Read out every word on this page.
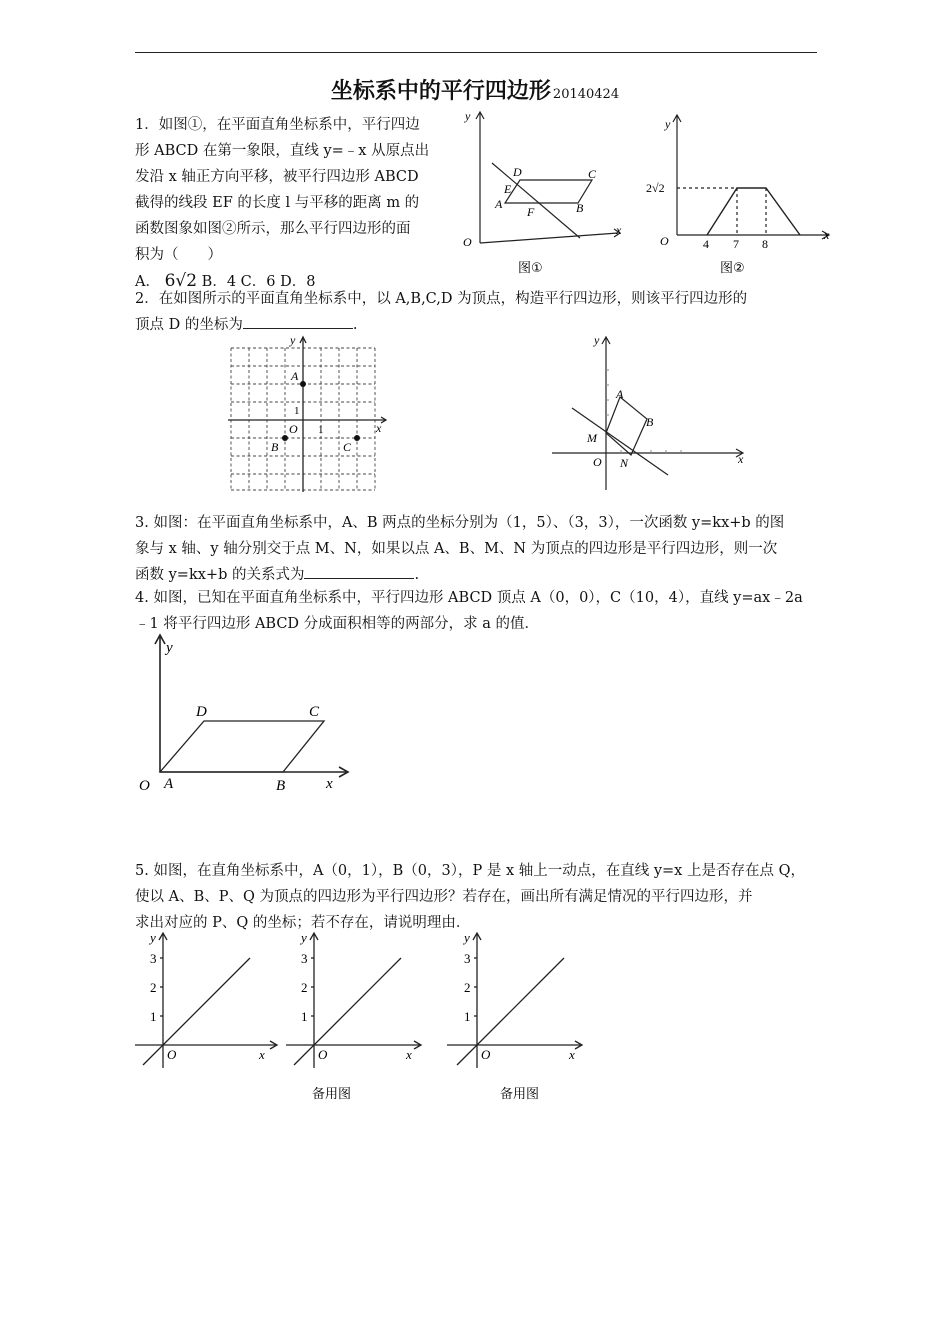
坐标系中的平行四边形 20140424

1．如图①，在平面直角坐标系中，平行四边
形 ABCD 在第一象限，直线 y=﹣x 从原点出
发沿 x 轴正方向平移，被平行四边形 ABCD
截得的线段 EF 的长度 l 与平移的距离 m 的
函数图象如图②所示，那么平行四边形的面
积为（　　）
A． 6√2 B．4 C．6 D．8

y
x
O
A	B
C
D
E
F
图①
y
x
O	4 7 8
2√2
图②

2．在如图所示的平面直角坐标系中，以 A,B,C,D 为顶点，构造平行四边形，则该平行四边形的
顶点 D 的坐标为	.

y
x
O
1
1
A
B	C
y
x
O
A
B
M
N

3. 如图：在平面直角坐标系中，A、B 两点的坐标分别为（1，5）、（3，3），一次函数 y=kx+b 的图
象与 x 轴、y 轴分别交于点 M、N，如果以点 A、B、M、N 为顶点的四边形是平行四边形，则一次
函数 y=kx+b 的关系式为	.

4. 如图，已知在平面直角坐标系中，平行四边形 ABCD 顶点 A（0，0），C（10，4），直线 y=ax﹣2a
﹣1 将平行四边形 ABCD 分成面积相等的两部分，求 a 的值．

y
x
O A	B
C
D

5. 如图，在直角坐标系中，A（0，1），B（0，3），P 是 x 轴上一动点，在直线 y=x 上是否存在点 Q，
使以 A、B、P、Q 为顶点的四边形为平行四边形？若存在，画出所有满足情况的平行四边形，并
求出对应的 P、Q 的坐标；若不存在，请说明理由．

y
x
O
3
2
1
y
x
O
3
2
1
备用图
y
x
O
3
2
1
备用图
